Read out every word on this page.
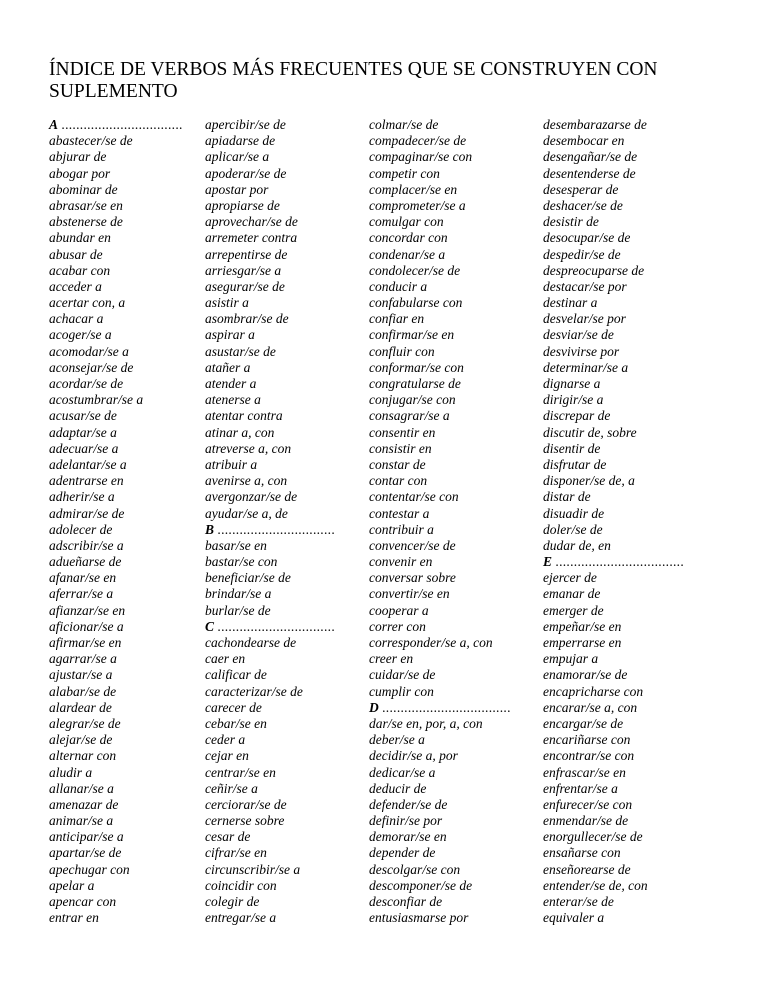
ÍNDICE DE VERBOS MÁS FRECUENTES QUE SE CONSTRUYEN CON SUPLEMENTO
A .................................
abastecer/se de
abjurar de
abogar por
abominar de
abrasar/se en
abstenerse de
abundar en
abusar de
acabar con
acceder a
acertar con, a
achacar a
acoger/se a
acomodar/se a
aconsejar/se de
acordar/se de
acostumbrar/se a
acusar/se de
adaptar/se a
adecuar/se a
adelantar/se a
adentrarse en
adherir/se a
admirar/se de
adolecer de
adscribir/se a
adueñarse de
afanar/se en
aferrar/se a
afianzar/se en
aficionar/se a
afirmar/se en
agarrar/se a
ajustar/se a
alabar/se de
alardear de
alegrar/se de
alejar/se de
alternar con
aludir a
allanar/se a
amenazar de
animar/se a
anticipar/se a
apartar/se de
apechugar con
apelar a
apencar con
entrar en
apercibir/se de
apiadarse de
aplicar/se a
apoderar/se de
apostar por
apropiarse de
aprovechar/se de
arremeter contra
arrepentirse de
arriesgar/se a
asegurar/se de
asistir a
asombrar/se de
aspirar a
asustar/se de
atañer a
atender a
atenerse a
atentar contra
atinar a, con
atreverse a, con
atribuir a
avenirse a, con
avergonzar/se de
ayudar/se a, de
B ................................
basar/se en
bastar/se con
beneficiar/se de
brindar/se a
burlar/se de
C ................................
cachondearse de
caer en
calificar de
caracterizar/se de
carecer de
cebar/se en
ceder a
cejar en
centrar/se en
ceñir/se a
cerciorar/se de
cernerse sobre
cesar de
cifrar/se en
circunscribir/se a
coincidir con
colegir de
entregar/se a
colmar/se de
compadecer/se de
compaginar/se con
competir con
complacer/se en
comprometer/se a
comulgar con
concordar con
condenar/se a
condolecer/se de
conducir a
confabularse con
confiar en
confirmar/se en
confluir con
conformar/se con
congratularse de
conjugar/se con
consagrar/se a
consentir en
consistir en
constar de
contar con
contentar/se con
contestar a
contribuir a
convencer/se de
convenir en
conversar sobre
convertir/se en
cooperar a
correr con
corresponder/se a, con
creer en
cuidar/se de
cumplir con
D ...................................
dar/se en, por, a, con
deber/se a
decidir/se a, por
dedicar/se a
deducir de
defender/se de
definir/se por
demorar/se en
depender de
descolgar/se con
descomponer/se de
desconfiar de
entusiasmarse por
desembarazarse de
desembocar en
desengañar/se de
desentenderse de
desesperar de
deshacer/se de
desistir de
desocupar/se de
despedir/se de
despreocuparse de
destacar/se por
destinar a
desvelar/se por
desviar/se de
desvivirse por
determinar/se a
dignarse a
dirigir/se a
discrepar de
discutir de, sobre
disentir de
disfrutar de
disponer/se de, a
distar de
disuadir de
doler/se de
dudar de, en
E ...................................
ejercer de
emanar de
emerger de
empeñar/se en
emperrarse en
empujar a
enamorar/se de
encapricharse con
encarar/se a, con
encargar/se de
encariñarse con
encontrar/se con
enfrascar/se en
enfrentar/se a
enfurecer/se con
enmendar/se de
enorgullecer/se de
ensañarse con
enseñorearse de
entender/se de, con
enterar/se de
equivaler a
